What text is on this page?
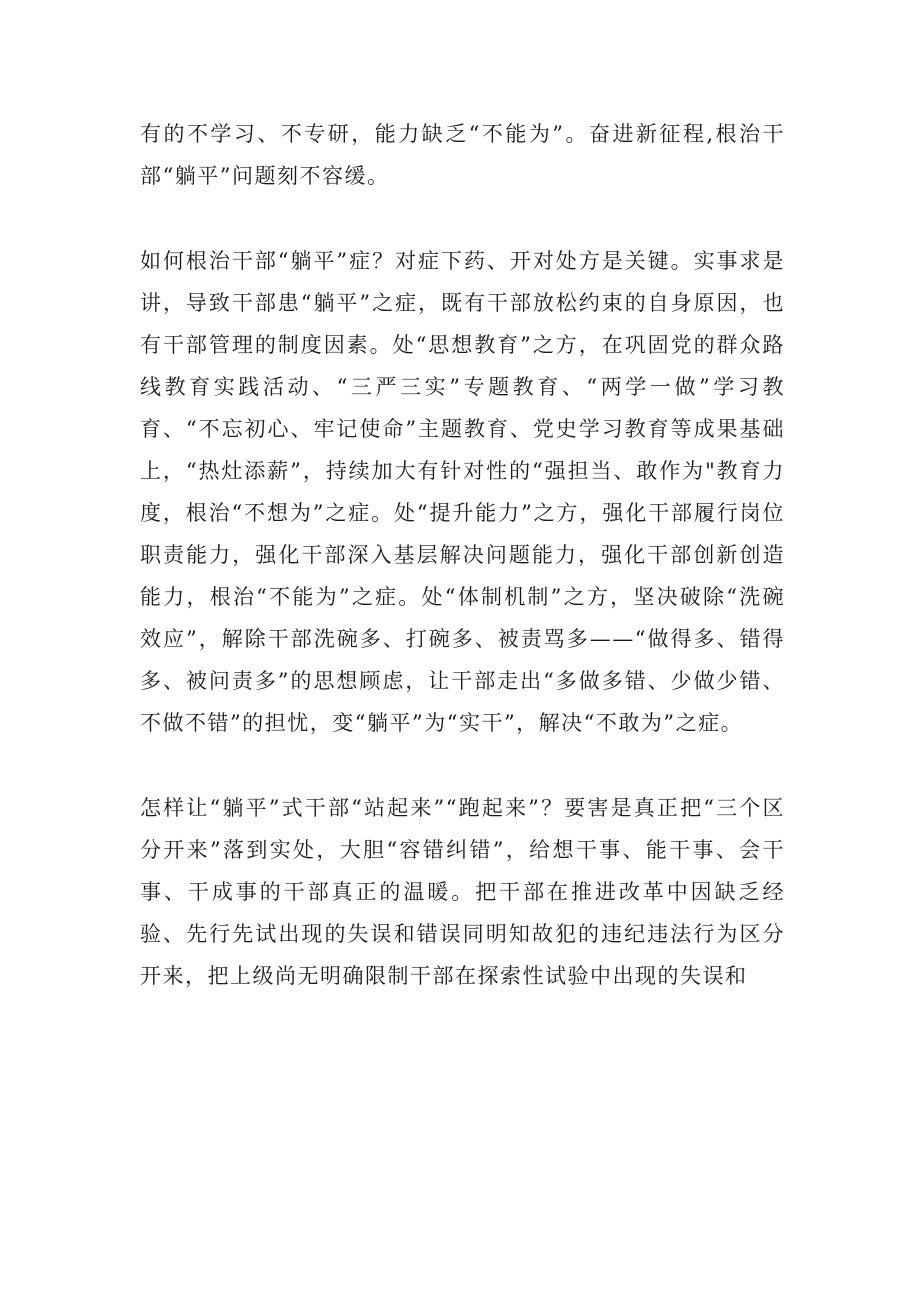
有的不学习、不专研，能力缺乏“不能为”。奋进新征程,根治干部“躺平”问题刻不容缓。

如何根治干部“躺平”症？对症下药、开对处方是关键。实事求是讲，导致干部患“躺平”之症，既有干部放松约束的自身原因，也有干部管理的制度因素。处“思想教育”之方，在巩固党的群众路线教育实践活动、“三严三实”专题教育、“两学一做”学习教育、“不忘初心、牢记使命”主题教育、党史学习教育等成果基础上，“热灶添薪”，持续加大有针对性的“强担当、敢作为"教育力度，根治“不想为”之症。处“提升能力”之方，强化干部履行岗位职责能力，强化干部深入基层解决问题能力，强化干部创新创造能力，根治“不能为”之症。处“体制机制”之方，坚决破除“洗碗效应”，解除干部洗碗多、打碗多、被责骂多——“做得多、错得多、被问责多”的思想顾虑，让干部走出“多做多错、少做少错、不做不错”的担忧，变“躺平”为“实干”，解决“不敢为”之症。

怎样让“躺平”式干部“站起来”“跑起来”？要害是真正把“三个区分开来”落到实处，大胆“容错纠错”，给想干事、能干事、会干事、干成事的干部真正的温暖。把干部在推进改革中因缺乏经验、先行先试出现的失误和错误同明知故犯的违纪违法行为区分开来，把上级尚无明确限制干部在探索性试验中出现的失误和
